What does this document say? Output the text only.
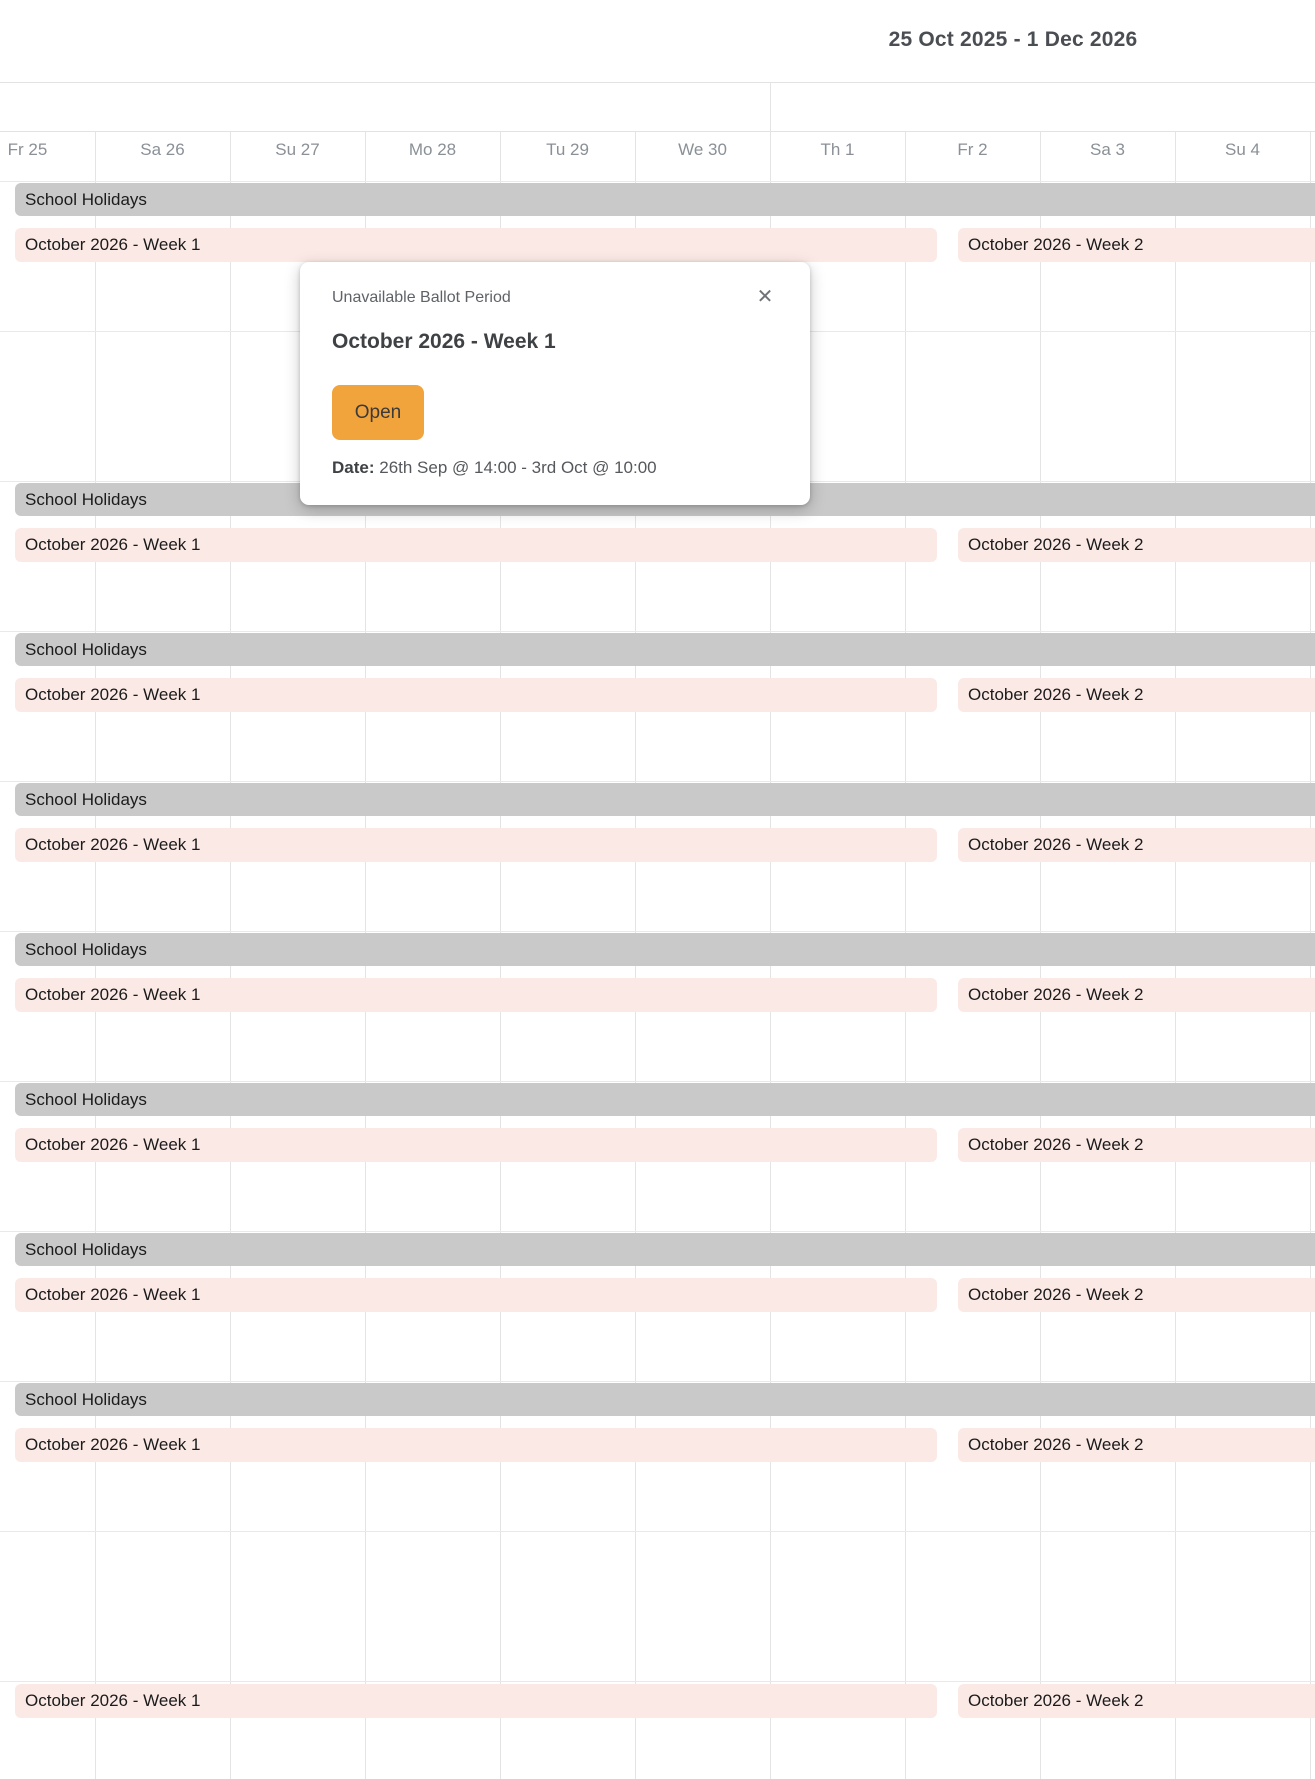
25 Oct 2025 - 1 Dec 2026
Fr 25	Sa 26	Su 27	Mo 28	Tu 29	We 30	Th 1	Fr 2	Sa 3	Su 4
School Holidays
October 2026 - Week 1	October 2026 - Week 2
School Holidays
October 2026 - Week 1	October 2026 - Week 2
School Holidays
October 2026 - Week 1	October 2026 - Week 2
School Holidays
October 2026 - Week 1	October 2026 - Week 2
School Holidays
October 2026 - Week 1	October 2026 - Week 2
School Holidays
October 2026 - Week 1	October 2026 - Week 2
School Holidays
October 2026 - Week 1	October 2026 - Week 2
School Holidays
October 2026 - Week 1	October 2026 - Week 2
October 2026 - Week 1	October 2026 - Week 2
Unavailable Ballot Period	✕
October 2026 - Week 1
Open
Date: 26th Sep @ 14:00 - 3rd Oct @ 10:00
